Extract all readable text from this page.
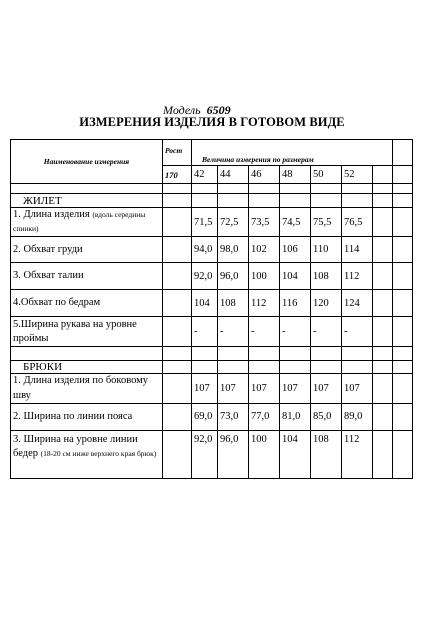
Модель 6509
ИЗМЕРЕНИЯ ИЗДЕЛИЯ В ГОТОВОМ ВИДЕ
Наименование измерения	Рост	Величина измерения по размерам							
	170	42	44	46	48	50	52		

ЖИЛЕТ									
1. Длина изделия (вдоль середины спинки)		71,5	72,5	73,5	74,5	75,5	76,5		
2. Обхват груди		94,0	98,0	102	106	110	114		
3. Обхват талии		92,0	96,0	100	104	108	112		
4.Обхват по бедрам		104	108	112	116	120	124		
5.Ширина рукава на уровне проймы		-	-	-	-	-	-		

БРЮКИ									
1. Длина изделия по боковому шву		107	107	107	107	107	107		
2. Ширина по линии пояса		69,0	73,0	77,0	81,0	85,0	89,0		
3. Ширина на уровне линии бедер (18-20 см ниже верхнего края брюк)		92,0	96,0	100	104	108	112		
